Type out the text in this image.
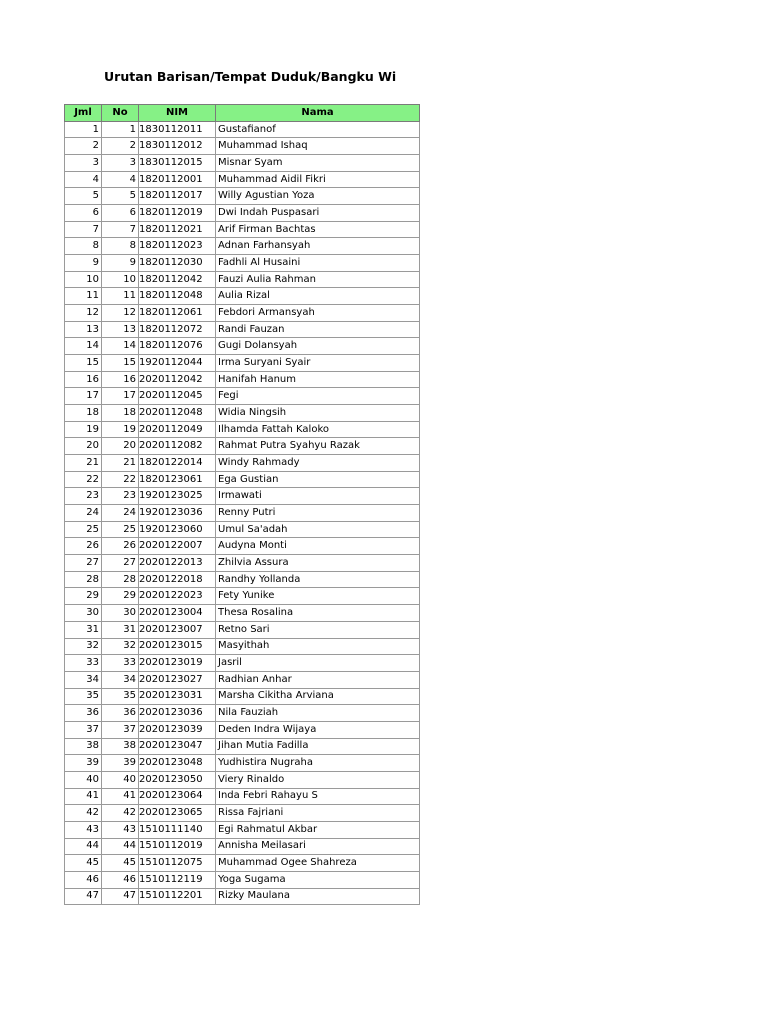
Urutan Barisan/Tempat Duduk/Bangku Wi
Jml	No	NIM	Nama
1	1	1830112011	Gustafianof
2	2	1830112012	Muhammad Ishaq
3	3	1830112015	Misnar Syam
4	4	1820112001	Muhammad Aidil Fikri
5	5	1820112017	Willy Agustian Yoza
6	6	1820112019	Dwi Indah Puspasari
7	7	1820112021	Arif Firman Bachtas
8	8	1820112023	Adnan Farhansyah
9	9	1820112030	Fadhli Al Husaini
10	10	1820112042	Fauzi Aulia Rahman
11	11	1820112048	Aulia Rizal
12	12	1820112061	Febdori Armansyah
13	13	1820112072	Randi Fauzan
14	14	1820112076	Gugi Dolansyah
15	15	1920112044	Irma Suryani Syair
16	16	2020112042	Hanifah Hanum
17	17	2020112045	Fegi
18	18	2020112048	Widia Ningsih
19	19	2020112049	Ilhamda Fattah Kaloko
20	20	2020112082	Rahmat Putra Syahyu Razak
21	21	1820122014	Windy Rahmady
22	22	1820123061	Ega Gustian
23	23	1920123025	Irmawati
24	24	1920123036	Renny Putri
25	25	1920123060	Umul Sa'adah
26	26	2020122007	Audyna Monti
27	27	2020122013	Zhilvia Assura
28	28	2020122018	Randhy Yollanda
29	29	2020122023	Fety Yunike
30	30	2020123004	Thesa Rosalina
31	31	2020123007	Retno Sari
32	32	2020123015	Masyithah
33	33	2020123019	Jasril
34	34	2020123027	Radhian Anhar
35	35	2020123031	Marsha Cikitha Arviana
36	36	2020123036	Nila Fauziah
37	37	2020123039	Deden Indra Wijaya
38	38	2020123047	Jihan Mutia Fadilla
39	39	2020123048	Yudhistira Nugraha
40	40	2020123050	Viery Rinaldo
41	41	2020123064	Inda Febri Rahayu S
42	42	2020123065	Rissa Fajriani
43	43	1510111140	Egi Rahmatul Akbar
44	44	1510112019	Annisha Meilasari
45	45	1510112075	Muhammad Ogee Shahreza
46	46	1510112119	Yoga Sugama
47	47	1510112201	Rizky Maulana
